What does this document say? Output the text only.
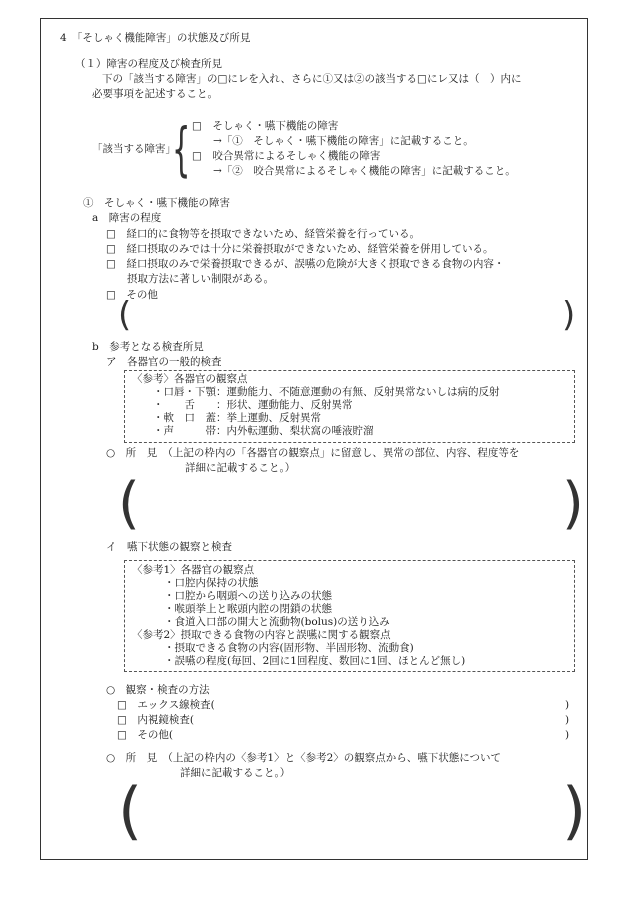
4　「そしゃく機能障害」の状態及び所見
（１）障害の程度及び検査所見
下の「該当する障害」の□にレを入れ、さらに①又は②の該当する□にレ又は（　）内に
必要事項を記述すること。
「該当する障害」
{ □　そしゃく・嚥下機能の障害
→「①　そしゃく・嚥下機能の障害」に記載すること。
□　咬合異常によるそしゃく機能の障害
→「②　咬合異常によるそしゃく機能の障害」に記載すること。
①　そしゃく・嚥下機能の障害
a　障害の程度
□　経口的に食物等を摂取できないため、経管栄養を行っている。
□　経口摂取のみでは十分に栄養摂取ができないため、経管栄養を併用している。
□　経口摂取のみで栄養摂取できるが、誤嚥の危険が大きく摂取できる食物の内容・
摂取方法に著しい制限がある。
□　その他
(	)
b　参考となる検査所見
ア　各器官の一般的検査
〈参考〉各器官の観察点
・口唇・下顎：運動能力、不随意運動の有無、反射異常ないしは病的反射
・　　舌　　：形状、運動能力、反射異常
・軟　口　蓋：挙上運動、反射異常
・声　　　帯：内外転運動、梨状窩の唾液貯溜
○　所　見　（上記の枠内の「各器官の観察点」に留意し、異常の部位、内容、程度等を
詳細に記載すること。）
(	)
イ　嚥下状態の観察と検査
〈参考1〉各器官の観察点
・口腔内保持の状態
・口腔から咽頭への送り込みの状態
・喉頭挙上と喉頭内腔の閉鎖の状態
・食道入口部の開大と流動物(bolus)の送り込み
〈参考2〉摂取できる食物の内容と誤嚥に関する観察点
・摂取できる食物の内容(固形物、半固形物、流動食)
・誤嚥の程度(毎回、2回に1回程度、数回に1回、ほとんど無し)
○　観察・検査の方法
□　エックス線検査(	)
□　内視鏡検査(	)
□　その他(	)
○　所　見　（上記の枠内の〈参考1〉と〈参考2〉の観察点から、嚥下状態について
詳細に記載すること。）
(	)
